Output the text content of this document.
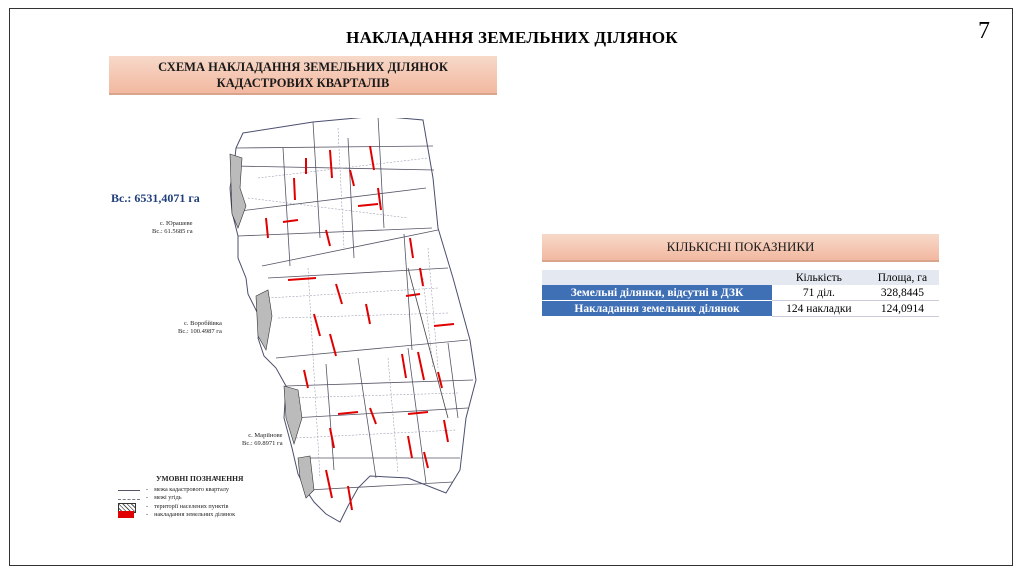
7
НАКЛАДАННЯ ЗЕМЕЛЬНИХ ДІЛЯНОК
СХЕМА НАКЛАДАННЯ ЗЕМЕЛЬНИХ ДІЛЯНОК
КАДАСТРОВИХ КВАРТАЛІВ
Вс.: 6531,4071 га
с. Юрашеве
Вс.: 61.5685 га
с. Воробйівка
Вс.: 100.4987 га
с. Маріїнове
Вс.: 69.8971 га
УМОВНІ ПОЗНАЧЕННЯ
- межа кадастрового кварталу
- межі угідь
- території населених пунктів
- накладання земельних ділянок
КІЛЬКІСНІ ПОКАЗНИКИ
	Кількість	Площа, га
Земельні ділянки, відсутні в ДЗК	71 діл.	328,8445
Накладання земельних ділянок	124 накладки	124,0914
